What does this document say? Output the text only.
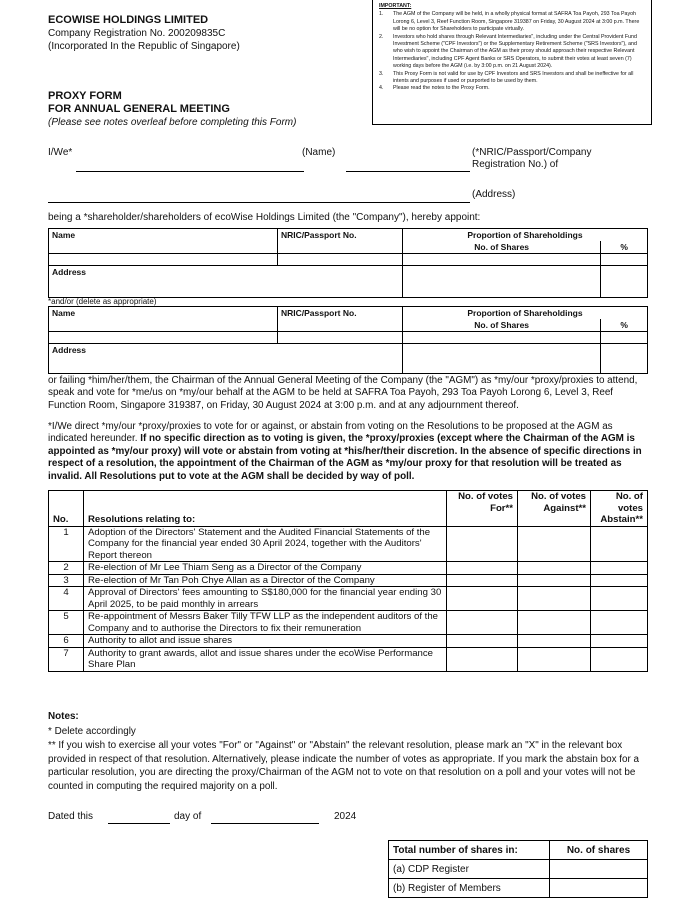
ECOWISE HOLDINGS LIMITED
Company Registration No. 200209835C
(Incorporated In the Republic of Singapore)
PROXY FORM
FOR ANNUAL GENERAL MEETING
(Please see notes overleaf before completing this Form)
IMPORTANT:
1.	The AGM of the Company will be held, in a wholly physical format at SAFRA Toa Payoh, 293 Toa Payoh Lorong 6, Level 3, Reef Function Room, Singapore 319387 on Friday, 30 August 2024 at 3:00 p.m. There will be no option for Shareholders to participate virtually.
2.	Investors who hold shares through Relevant Intermediaries", including under the Central Provident Fund Investment Scheme ("CPF Investors") or the Supplementary Retirement Scheme ("SRS Investors"), and who wish to appoint the Chairman of the AGM as their proxy should approach their respective Relevant Intermediaries", including CPF Agent Banks or SRS Operators, to submit their votes at least seven (7) working days before the AGM (i.e. by 3:00 p.m. on 21 August 2024).
3.	This Proxy Form is not valid for use by CPF Investors and SRS Investors and shall be ineffective for all intents and purposes if used or purported to be used by them.
4.	Please read the notes to the Proxy Form.
I/We*	(Name)	(*NRIC/Passport/Company
Registration No.) of
(Address)
being a *shareholder/shareholders of ecoWise Holdings Limited (the "Company"), hereby appoint:
Name	NRIC/Passport No.	Proportion of Shareholdings	
		No. of Shares	%

Address			
*and/or (delete as appropriate)
Name	NRIC/Passport No.	Proportion of Shareholdings	
		No. of Shares	%

Address			
or failing *him/her/them, the Chairman of the Annual General Meeting of the Company (the "AGM") as *my/our *proxy/proxies to attend, speak and vote for *me/us on *my/our behalf at the AGM to be held at SAFRA Toa Payoh, 293 Toa Payoh Lorong 6, Level 3, Reef Function Room, Singapore 319387, on Friday, 30 August 2024 at 3:00 p.m. and at any adjournment thereof.
*I/We direct *my/our *proxy/proxies to vote for or against, or abstain from voting on the Resolutions to be proposed at the AGM as indicated hereunder. If no specific direction as to voting is given, the *proxy/proxies (except where the Chairman of the AGM is appointed as *my/our proxy) will vote or abstain from voting at *his/her/their discretion. In the absence of specific directions in respect of a resolution, the appointment of the Chairman of the AGM as *my/our proxy for that resolution will be treated as invalid. All Resolutions put to vote at the AGM shall be decided by way of poll.
No.	Resolutions relating to:	No. of votes For**	No. of votes Against**	No. of votes Abstain**
1	Adoption of the Directors' Statement and the Audited Financial Statements of the Company for the financial year ended 30 April 2024, together with the Auditors' Report thereon			
2	Re-election of Mr Lee Thiam Seng as a Director of the Company			
3	Re-election of Mr Tan Poh Chye Allan as a Director of the Company			
4	Approval of Directors' fees amounting to S$180,000 for the financial year ending 30 April 2025, to be paid monthly in arrears			
5	Re-appointment of Messrs Baker Tilly TFW LLP as the independent auditors of the Company and to authorise the Directors to fix their remuneration			
6	Authority to allot and issue shares			
7	Authority to grant awards, allot and issue shares under the ecoWise Performance Share Plan			
Notes:
* Delete accordingly
** If you wish to exercise all your votes "For" or "Against" or "Abstain" the relevant resolution, please mark an "X" in the relevant box provided in respect of that resolution. Alternatively, please indicate the number of votes as appropriate. If you mark the abstain box for a particular resolution, you are directing the proxy/Chairman of the AGM not to vote on that resolution on a poll and your votes will not be counted in computing the required majority on a poll.
Dated this	day of	2024
Total number of shares in:	No. of shares
(a) CDP Register	
(b) Register of Members	
